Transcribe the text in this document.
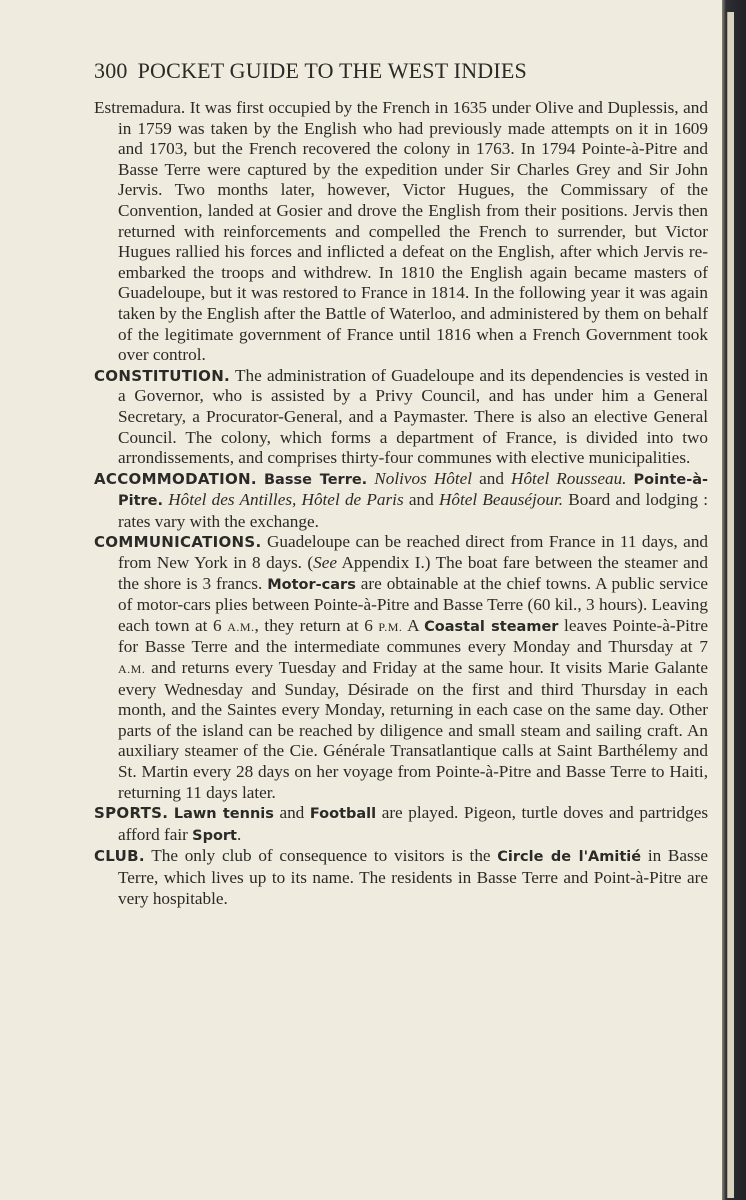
300 POCKET GUIDE TO THE WEST INDIES

Estremadura. It was first occupied by the French in 1635 under Olive and Duplessis, and in 1759 was taken by the English who had previously made attempts on it in 1609 and 1703, but the French recovered the colony in 1763. In 1794 Pointe-à-Pitre and Basse Terre were captured by the expedition under Sir Charles Grey and Sir John Jervis. Two months later, however, Victor Hugues, the Commissary of the Convention, landed at Gosier and drove the English from their positions. Jervis then returned with reinforcements and compelled the French to surrender, but Victor Hugues rallied his forces and inflicted a defeat on the English, after which Jervis re-embarked the troops and withdrew. In 1810 the English again became masters of Guadeloupe, but it was restored to France in 1814. In the following year it was again taken by the English after the Battle of Waterloo, and administered by them on behalf of the legitimate government of France until 1816 when a French Government took over control.

CONSTITUTION. The administration of Guadeloupe and its dependencies is vested in a Governor, who is assisted by a Privy Council, and has under him a General Secretary, a Procurator-General, and a Paymaster. There is also an elective General Council. The colony, which forms a department of France, is divided into two arrondissements, and comprises thirty-four communes with elective municipalities.

ACCOMMODATION. Basse Terre. Nolivos Hôtel and Hôtel Rousseau. Pointe-à-Pitre. Hôtel des Antilles, Hôtel de Paris and Hôtel Beauséjour. Board and lodging : rates vary with the exchange.

COMMUNICATIONS. Guadeloupe can be reached direct from France in 11 days, and from New York in 8 days. (See Appendix I.) The boat fare between the steamer and the shore is 3 francs. Motor-cars are obtainable at the chief towns. A public service of motor-cars plies between Pointe-à-Pitre and Basse Terre (60 kil., 3 hours). Leaving each town at 6 A.M., they return at 6 P.M. A Coastal steamer leaves Pointe-à-Pitre for Basse Terre and the intermediate communes every Monday and Thursday at 7 A.M. and returns every Tuesday and Friday at the same hour. It visits Marie Galante every Wednesday and Sunday, Désirade on the first and third Thursday in each month, and the Saintes every Monday, returning in each case on the same day. Other parts of the island can be reached by diligence and small steam and sailing craft. An auxiliary steamer of the Cie. Générale Transatlantique calls at Saint Barthélemy and St. Martin every 28 days on her voyage from Pointe-à-Pitre and Basse Terre to Haiti, returning 11 days later.

SPORTS. Lawn tennis and Football are played. Pigeon, turtle doves and partridges afford fair Sport.

CLUB. The only club of consequence to visitors is the Circle de l'Amitié in Basse Terre, which lives up to its name. The residents in Basse Terre and Point-à-Pitre are very hospitable.
